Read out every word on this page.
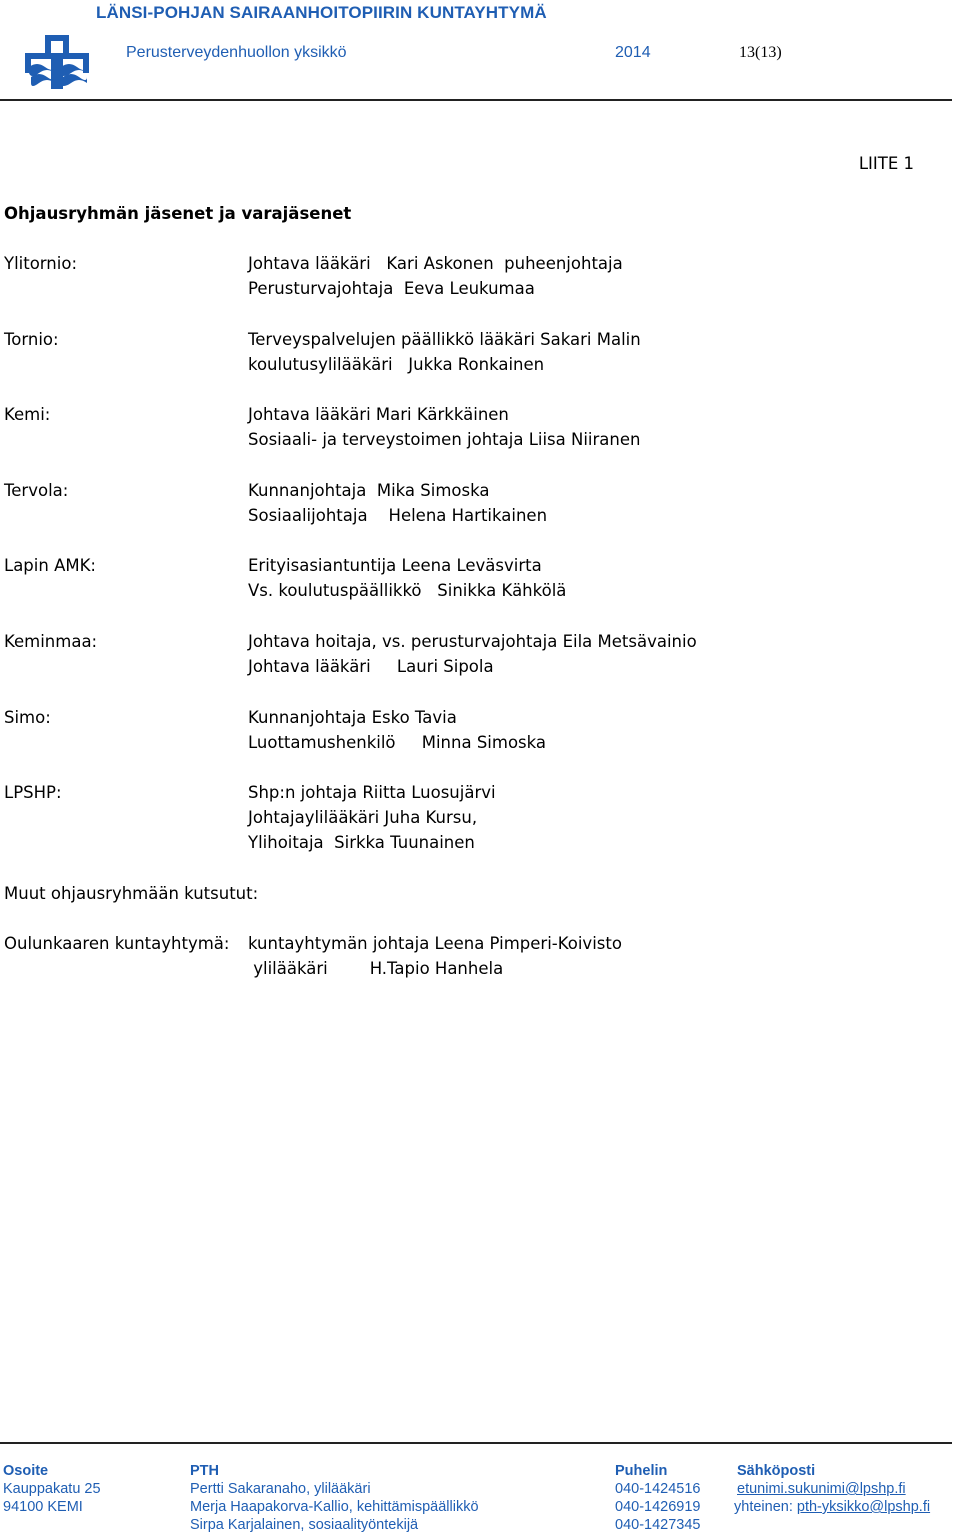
LÄNSI-POHJAN SAIRAANHOITOPIIRIN KUNTAYHTYMÄ
Perusterveydenhuollon yksikkö	2014	13(13)
LIITE 1
Ohjausryhmän jäsenet ja varajäsenet
Ylitornio:	Johtava lääkäri   Kari Askonen  puheenjohtaja
Perusturvajohtaja  Eeva Leukumaa
Tornio:	Terveyspalvelujen päällikkö lääkäri Sakari Malin
koulutusylilääkäri   Jukka Ronkainen
Kemi:	Johtava lääkäri Mari Kärkkäinen
Sosiaali- ja terveystoimen johtaja Liisa Niiranen
Tervola:	Kunnanjohtaja  Mika Simoska
Sosiaalijohtaja    Helena Hartikainen
Lapin AMK:	Erityisasiantuntija Leena Leväsvirta
Vs. koulutuspäällikkö   Sinikka Kähkölä
Keminmaa:	Johtava hoitaja, vs. perusturvajohtaja Eila Metsävainio
Johtava lääkäri     Lauri Sipola
Simo:	Kunnanjohtaja Esko Tavia
Luottamushenkilö     Minna Simoska
LPSHP:	Shp:n johtaja Riitta Luosujärvi
Johtajaylilääkäri Juha Kursu,
Ylihoitaja  Sirkka Tuunainen
Muut ohjausryhmään kutsutut:
Oulunkaaren kuntayhtymä: kuntayhtymän johtaja Leena Pimperi-Koivisto
ylilääkäri        H.Tapio Hanhela
Osoite
Kauppakatu 25
94100 KEMI
PTH
Pertti Sakaranaho, ylilääkäri
Merja Haapakorva-Kallio, kehittämispäällikkö
Sirpa Karjalainen, sosiaalityöntekijä
Puhelin
040-1424516
040-1426919
040-1427345
Sähköposti
etunimi.sukunimi@lpshp.fi
yhteinen: pth-yksikko@lpshp.fi
